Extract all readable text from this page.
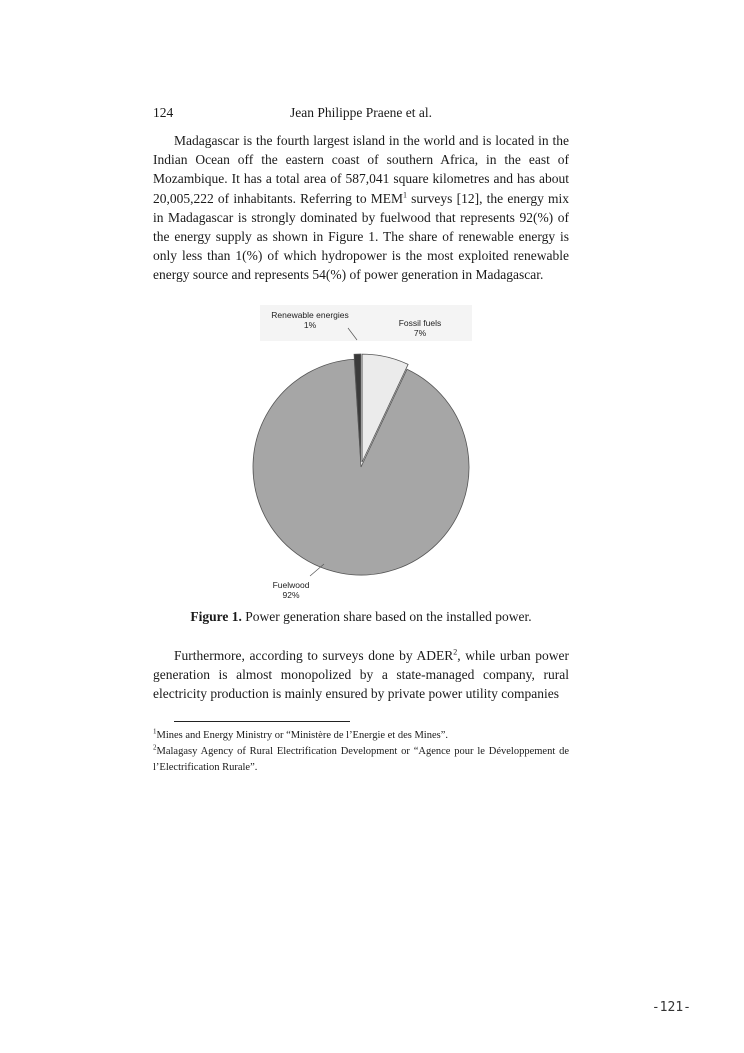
124	Jean Philippe Praene et al.

Madagascar is the fourth largest island in the world and is located in the Indian Ocean off the eastern coast of southern Africa, in the east of Mozambique. It has a total area of 587,041 square kilometres and has about 20,005,222 of inhabitants. Referring to MEM$^1$ surveys [12], the energy mix in Madagascar is strongly dominated by fuelwood that represents 92(%) of the energy supply as shown in Figure 1. The share of renewable energy is only less than 1(%) of which hydropower is the most exploited renewable energy source and represents 54(%) of power generation in Madagascar.

Fossil fuels
7%
Fuelwood
92%
Renewable energies
1%
Figure 1. Power generation share based on the installed power.

Furthermore, according to surveys done by ADER$^2$, while urban power generation is almost monopolized by a state-managed company, rural electricity production is mainly ensured by private power utility companies

$^1$Mines and Energy Ministry or “Ministère de l’Energie et des Mines”.

$^2$Malagasy Agency of Rural Electrification Development or “Agence pour le Développement de l’Electrification Rurale”.

-121-
